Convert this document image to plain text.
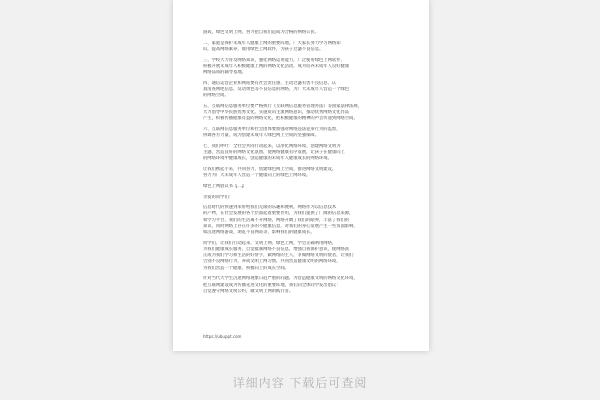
游戏，绿色文明上网，努力把自我们造成为合格的网络公民。
二、家庭是保护未成年人健康上网的重要阵地。广大家长努力学习网络知
识，提高网络素养，使用绿色上网软件，为孩子过滤不良信息。
三、学校大力普及网络知识，强化网络运用能力，广泛使用绿色上网软件，
积极开展未成年人积极健康上网的网络文化活动，成为培养未成年人良好健康
网络品质的辅导基地。
四、通信运营企业和网站要有社会责任感，主动过滤有害不良信息，认
真清查网吧信息，反动黄色等不良信息的网络，为广大未成年人营造一个绿色
的网络空间。
五、互联网信息服务单位要严格执行《互联网信息服务管理办法》等国家法律法规，
大力倡导中华民族优秀文化，实施资讯主流网络意识，推动优秀网络文化作品
产生，积极传播健康有益的网络文化，把积极健康的精神的声音传递到网络空间。
六、互联网信息服务单位和社会团体要加强对网络违法犯罪行为的监督，
协调各方力量，成为创建未成年人绿色网上空间的坚强保障。
七、我们呼吁：全社会共同行动起来，以净化网络环境、创建网络文明为
主题，营造良好的网络文化氛围，使网络健康有序发展，让孩子在健康向上
的网络环境中健康成长，创造健康的未成年人健康成长的网络环境。
让我们携起手来，共同努力，创建绿色网上空间，推进网络文明建设，
努力为广大未成年人营造一个健康向上的绿色上网环境。
绿色上网倡议书【二】
亲爱的同学们：
信息时代的快速到来带给我们无限的乐趣和便利，网络作为以信息技术
的产物，在社会发展的各个层面起着重要作用，为我们提供了广阔的信息来源，
和学习平台，我们的生活离不开网络，网络开阔了我们的眼界，丰富了我们的
知识，同时网络上存在许多的不健康信息，对我们的身心发展产生一些负面影响，
如沉迷网络游戏、浏览不良网站等，影响我们的健康成长。
同学们，让我们行动起来，文明上网、绿色上网，学会正确利用网络，
为我们健康成长服务，自觉抵制网络不良信息，增强自我保护意识，使网络真
正成为我们学习和生活的好帮手，做网络的主人，争做网络文明的使者，让我们
告别不良网络行为，养成文明上网习惯，共同营造健康文明的网络环境，
为我们营造一个健康、积极向上的成长空间。
针对当代大学生沉迷网络现象日趋严重的问题，为营造健康文明的网络文化环境，
把互联网建设成为传播先进文化的重要阵地，我们向全体同学发出倡议：
自觉遵守网络文明公约，做文明上网的践行者。
https://ubuppt.com
详细内容 下载后可查阅
